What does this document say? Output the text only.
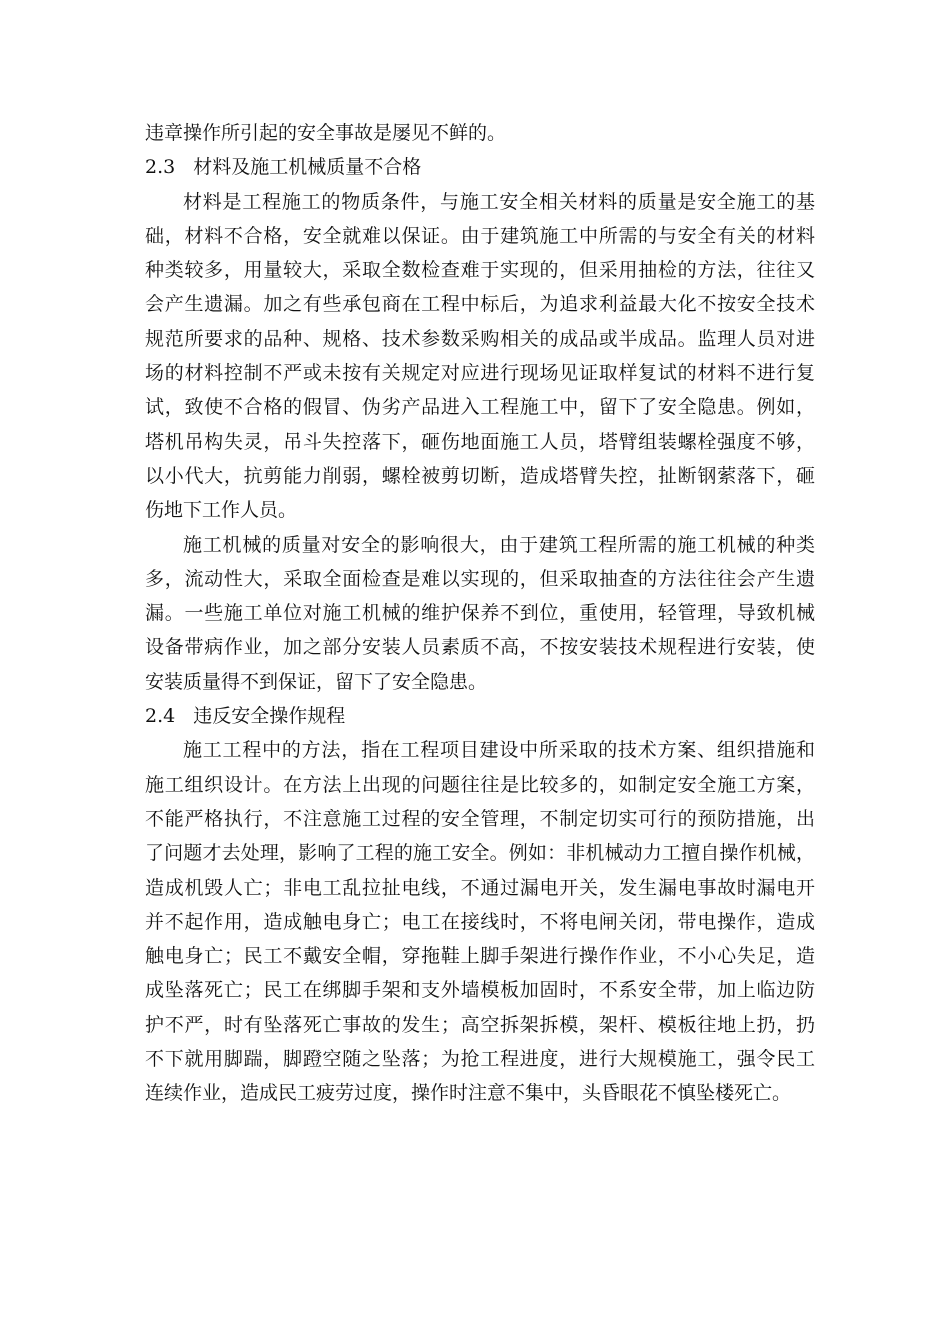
违章操作所引起的安全事故是屡见不鲜的。
2.3 材料及施工机械质量不合格
材料是工程施工的物质条件，与施工安全相关材料的质量是安全施工的基
础，材料不合格，安全就难以保证。由于建筑施工中所需的与安全有关的材料
种类较多，用量较大，采取全数检查难于实现的，但采用抽检的方法，往往又
会产生遗漏。加之有些承包商在工程中标后，为追求利益最大化不按安全技术
规范所要求的品种、规格、技术参数采购相关的成品或半成品。监理人员对进
场的材料控制不严或未按有关规定对应进行现场见证取样复试的材料不进行复
试，致使不合格的假冒、伪劣产品进入工程施工中，留下了安全隐患。例如，
塔机吊构失灵，吊斗失控落下，砸伤地面施工人员，塔臂组装螺栓强度不够，
以小代大，抗剪能力削弱，螺栓被剪切断，造成塔臂失控，扯断钢萦落下，砸
伤地下工作人员。
施工机械的质量对安全的影响很大，由于建筑工程所需的施工机械的种类
多，流动性大，采取全面检查是难以实现的，但采取抽查的方法往往会产生遗
漏。一些施工单位对施工机械的维护保养不到位，重使用，轻管理，导致机械
设备带病作业，加之部分安装人员素质不高，不按安装技术规程进行安装，使
安装质量得不到保证，留下了安全隐患。
2.4 违反安全操作规程
施工工程中的方法，指在工程项目建设中所采取的技术方案、组织措施和
施工组织设计。在方法上出现的问题往往是比较多的，如制定安全施工方案，
不能严格执行，不注意施工过程的安全管理，不制定切实可行的预防措施，出
了问题才去处理，影响了工程的施工安全。例如：非机械动力工擅自操作机械，
造成机毁人亡；非电工乱拉扯电线，不通过漏电开关，发生漏电事故时漏电开
并不起作用，造成触电身亡；电工在接线时，不将电闸关闭，带电操作，造成
触电身亡；民工不戴安全帽，穿拖鞋上脚手架进行操作作业，不小心失足，造
成坠落死亡；民工在绑脚手架和支外墙模板加固时，不系安全带，加上临边防
护不严，时有坠落死亡事故的发生；高空拆架拆模，架杆、模板往地上扔，扔
不下就用脚踹，脚蹬空随之坠落；为抢工程进度，进行大规模施工，强令民工
连续作业，造成民工疲劳过度，操作时注意不集中，头昏眼花不慎坠楼死亡。
